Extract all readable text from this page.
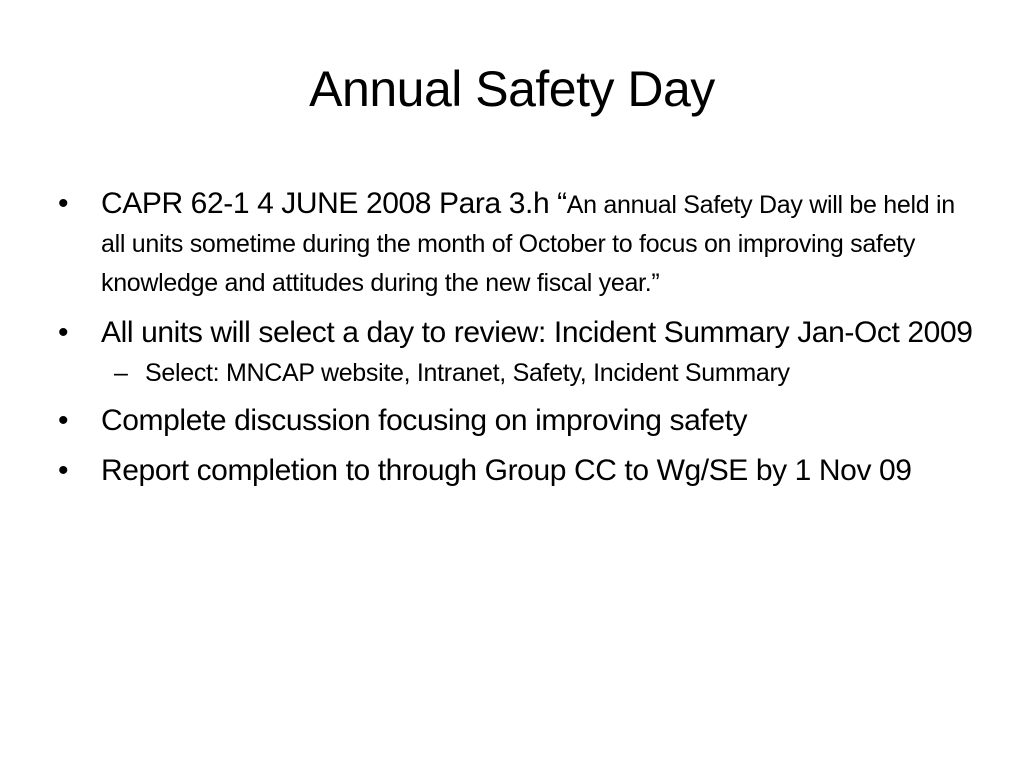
Annual Safety Day
•	CAPR 62-1 4 JUNE 2008 Para 3.h “An annual Safety Day will be held in all units sometime during the month of October to focus on improving safety knowledge and attitudes during the new fiscal year.”
•	All units will select a day to review: Incident Summary Jan-Oct 2009
– Select: MNCAP website, Intranet, Safety, Incident Summary
•	Complete discussion focusing on improving safety
•	Report completion to through Group CC to Wg/SE by 1 Nov 09
